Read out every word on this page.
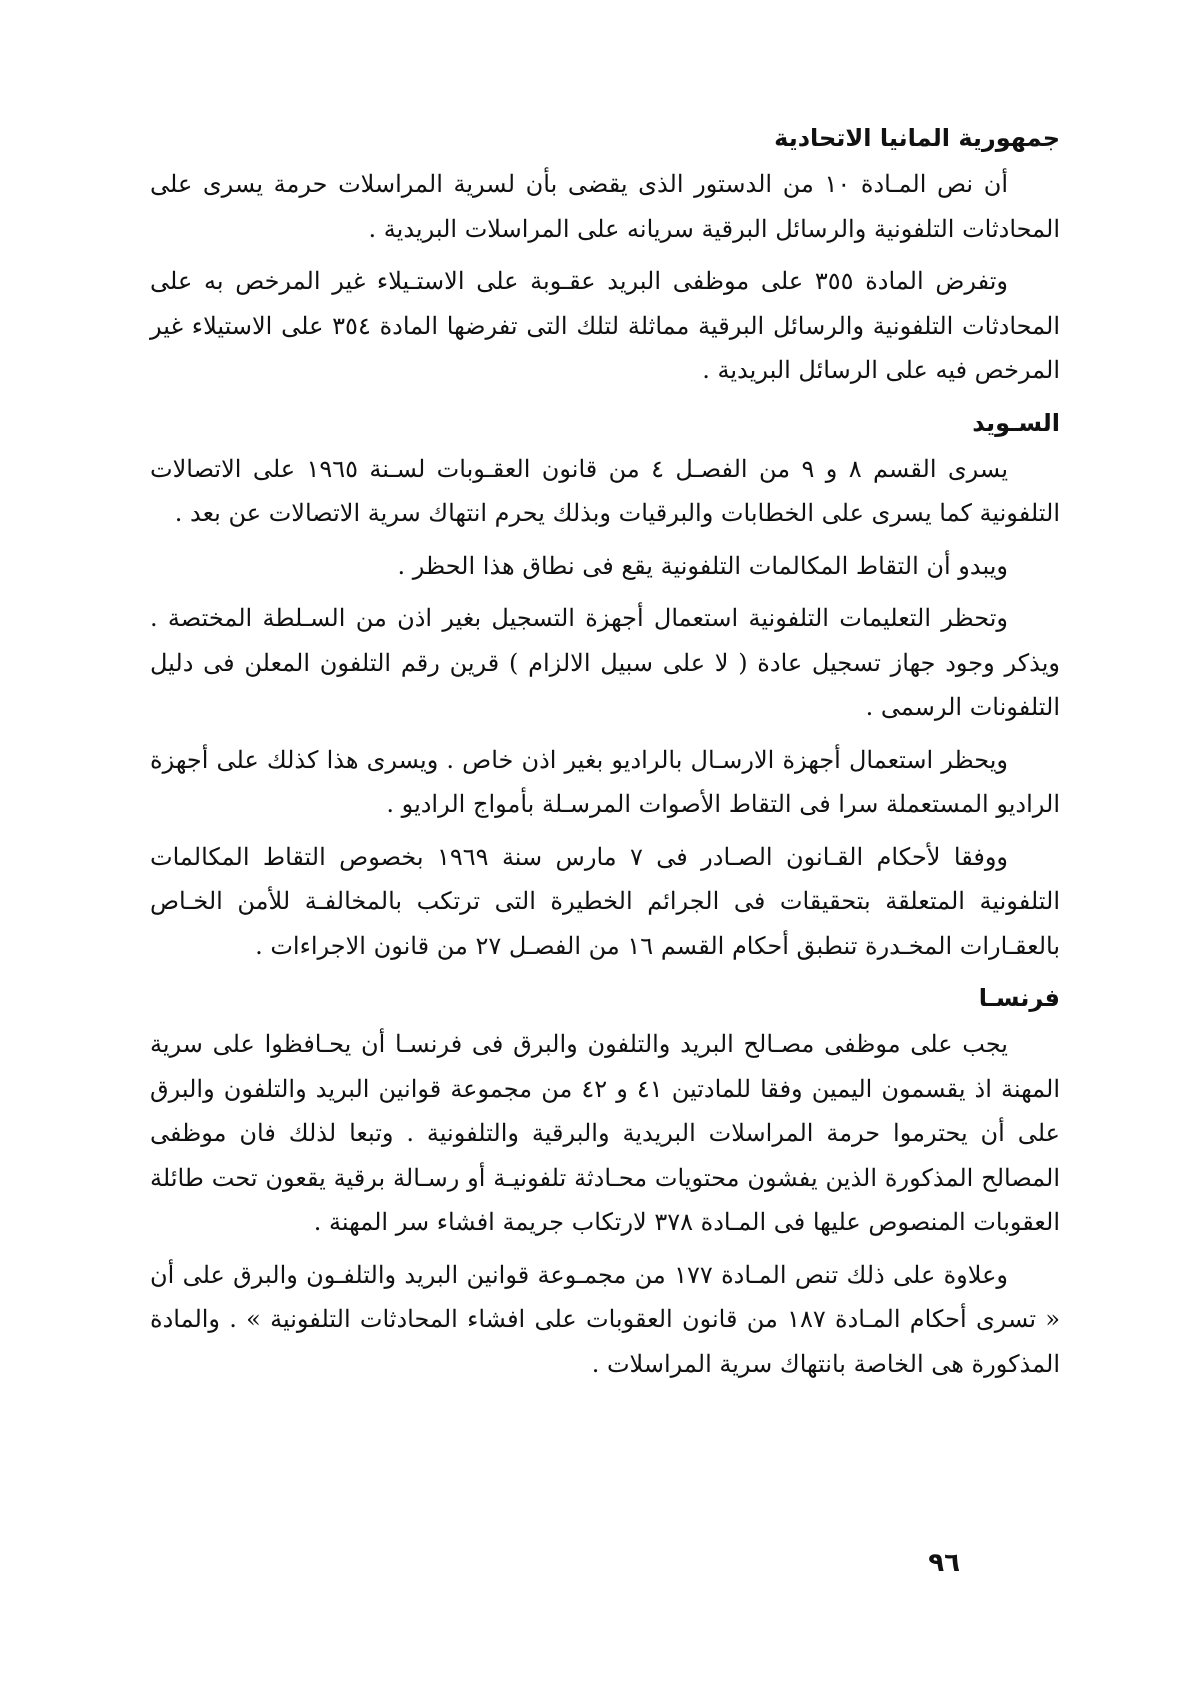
جمهورية المانيا الاتحادية

أن نص المـادة ١٠ من الدستور الذى يقضى بأن لسرية المراسلات حرمة يسرى على المحادثات التلفونية والرسائل البرقية سريانه على المراسلات البريدية .

وتفرض المادة ٣٥٥ على موظفى البريد عقـوبة على الاستـيلاء غير المرخص به على المحادثات التلفونية والرسائل البرقية مماثلة لتلك التى تفرضها المادة ٣٥٤ على الاستيلاء غير المرخص فيه على الرسائل البريدية .

السـويد

يسرى القسم ٨ و ٩ من الفصـل ٤ من قانون العقـوبات لسـنة ١٩٦٥ على الاتصالات التلفونية كما يسرى على الخطابات والبرقيات وبذلك يحرم انتهاك سرية الاتصالات عن بعد .

ويبدو أن التقاط المكالمات التلفونية يقع فى نطاق هذا الحظر .

وتحظر التعليمات التلفونية استعمال أجهزة التسجيل بغير اذن من السـلطة المختصة . ويذكر وجود جهاز تسجيل عادة ( لا على سبيل الالزام ) قرين رقم التلفون المعلن فى دليل التلفونات الرسمى .

ويحظر استعمال أجهزة الارسـال بالراديو بغير اذن خاص . ويسرى هذا كذلك على أجهزة الراديو المستعملة سرا فى التقاط الأصوات المرسـلة بأمواج الراديو .

ووفقا لأحكام القـانون الصـادر فى ٧ مارس سنة ١٩٦٩ بخصوص التقاط المكالمات التلفونية المتعلقة بتحقيقات فى الجرائم الخطيرة التى ترتكب بالمخالفـة للأمن الخـاص بالعقـارات المخـدرة تنطبق أحكام القسم ١٦ من الفصـل ٢٧ من قانون الاجراءات .

فرنسـا

يجب على موظفى مصـالح البريد والتلفون والبرق فى فرنسـا أن يحـافظوا على سرية المهنة اذ يقسمون اليمين وفقا للمادتين ٤١ و ٤٢ من مجموعة قوانين البريد والتلفون والبرق على أن يحترموا حرمة المراسلات البريدية والبرقية والتلفونية . وتبعا لذلك فان موظفى المصالح المذكورة الذين يفشون محتويات محـادثة تلفونيـة أو رسـالة برقية يقعون تحت طائلة العقوبات المنصوص عليها فى المـادة ٣٧٨ لارتكاب جريمة افشاء سر المهنة .

وعلاوة على ذلك تنص المـادة ١٧٧ من مجمـوعة قوانين البريد والتلفـون والبرق على أن « تسرى أحكام المـادة ١٨٧ من قانون العقوبات على افشاء المحادثات التلفونية » . والمادة المذكورة هى الخاصة بانتهاك سرية المراسلات .

٩٦
